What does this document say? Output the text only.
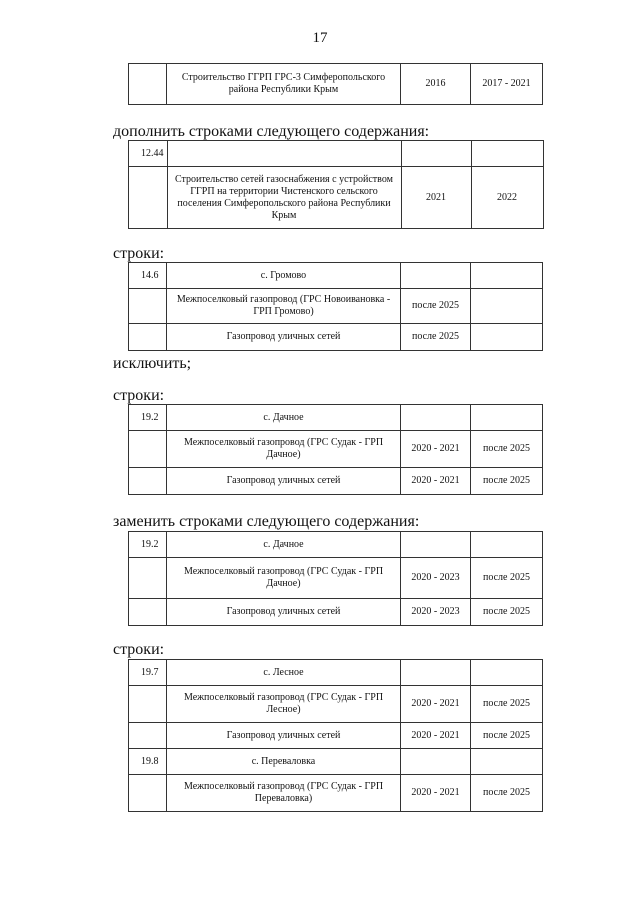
17
	Строительство ГГРП ГРС-3 Симферопольского района Республики Крым	2016	2017 - 2021
дополнить строками следующего содержания:
12.44			
	Строительство сетей газоснабжения с устройством ГГРП на территории Чистенского сельского поселения Симферопольского района Республики Крым	2021	2022
строки:
14.6	с. Громово		
	Межпоселковый газопровод (ГРС Новоивановка - ГРП Громово)	после 2025	
	Газопровод уличных сетей	после 2025	
исключить;
строки:
19.2	с. Дачное		
	Межпоселковый газопровод (ГРС Судак - ГРП Дачное)	2020 - 2021	после 2025
	Газопровод уличных сетей	2020 - 2021	после 2025
заменить строками следующего содержания:
19.2	с. Дачное		
	Межпоселковый газопровод (ГРС Судак - ГРП Дачное)	2020 - 2023	после 2025
	Газопровод уличных сетей	2020 - 2023	после 2025
строки:
19.7	с. Лесное		
	Межпоселковый газопровод (ГРС Судак - ГРП Лесное)	2020 - 2021	после 2025
	Газопровод уличных сетей	2020 - 2021	после 2025
19.8	с. Переваловка		
	Межпоселковый газопровод (ГРС Судак - ГРП Переваловка)	2020 - 2021	после 2025
